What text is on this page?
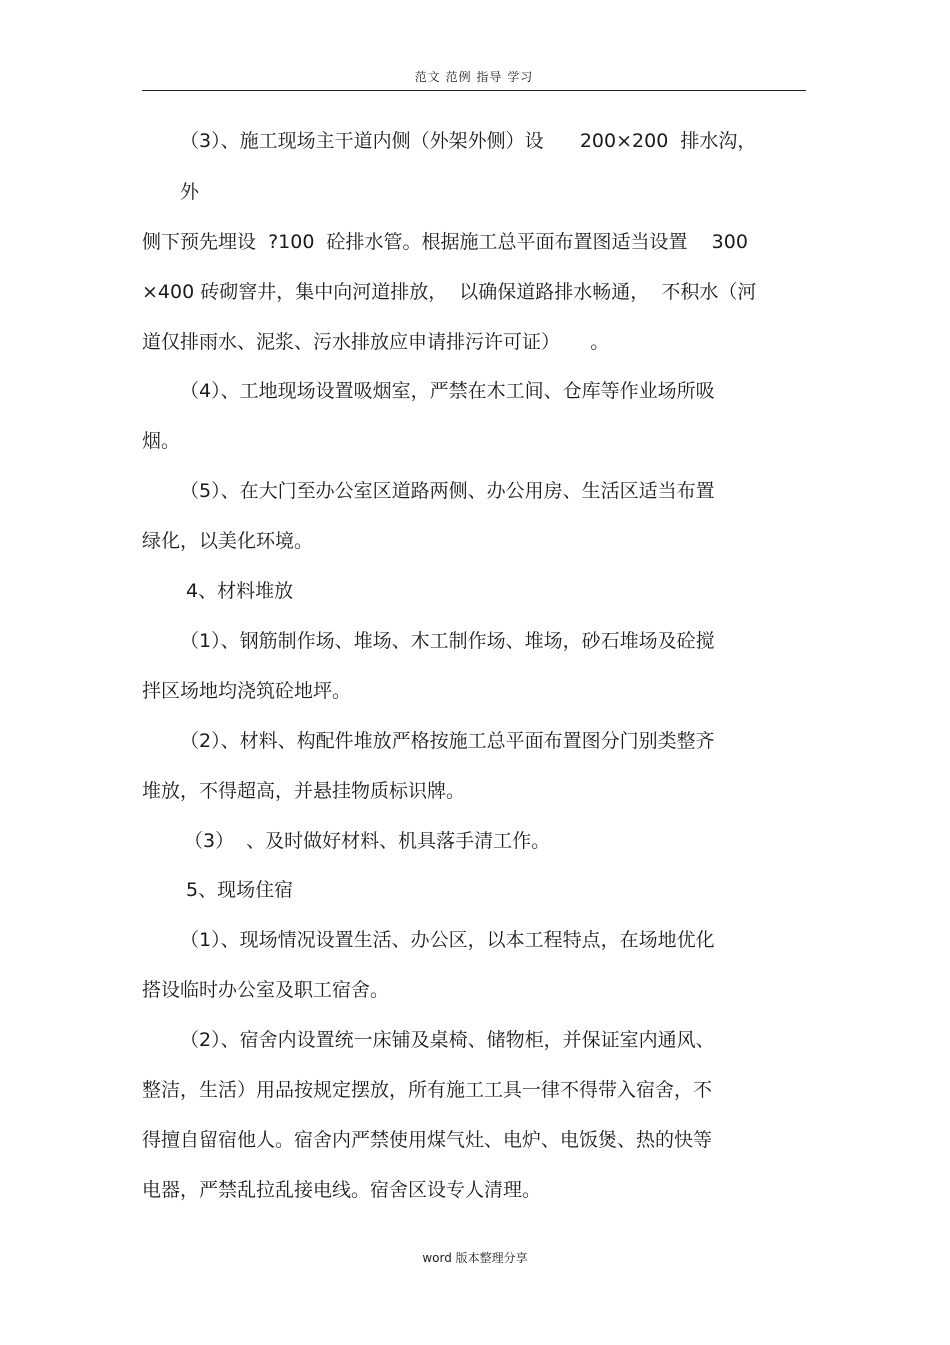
范文 范例 指导 学习
（3）、施工现场主干道内侧（外架外侧）设      200×200  排水沟，
外
侧下预先埋设  ?100  砼排水管。根据施工总平面布置图适当设置    300
×400 砖砌窨井，集中向河道排放，  以确保道路排水畅通，  不积水（河
道仅排雨水、泥浆、污水排放应申请排污许可证）     。
（4）、工地现场设置吸烟室，严禁在木工间、仓库等作业场所吸
烟。
（5）、在大门至办公室区道路两侧、办公用房、生活区适当布置
绿化，以美化环境。
4、材料堆放
（1）、钢筋制作场、堆场、木工制作场、堆场，砂石堆场及砼搅
拌区场地均浇筑砼地坪。
（2）、材料、构配件堆放严格按施工总平面布置图分门别类整齐
堆放，不得超高，并悬挂物质标识牌。
（3）  、及时做好材料、机具落手清工作。
5、现场住宿
（1）、现场情况设置生活、办公区，以本工程特点，在场地优化
搭设临时办公室及职工宿舍。
（2）、宿舍内设置统一床铺及桌椅、储物柜，并保证室内通风、
整洁，生活）用品按规定摆放，所有施工工具一律不得带入宿舍，不
得擅自留宿他人。宿舍内严禁使用煤气灶、电炉、电饭煲、热的快等
电器，严禁乱拉乱接电线。宿舍区设专人清理。
word 版本整理分享
